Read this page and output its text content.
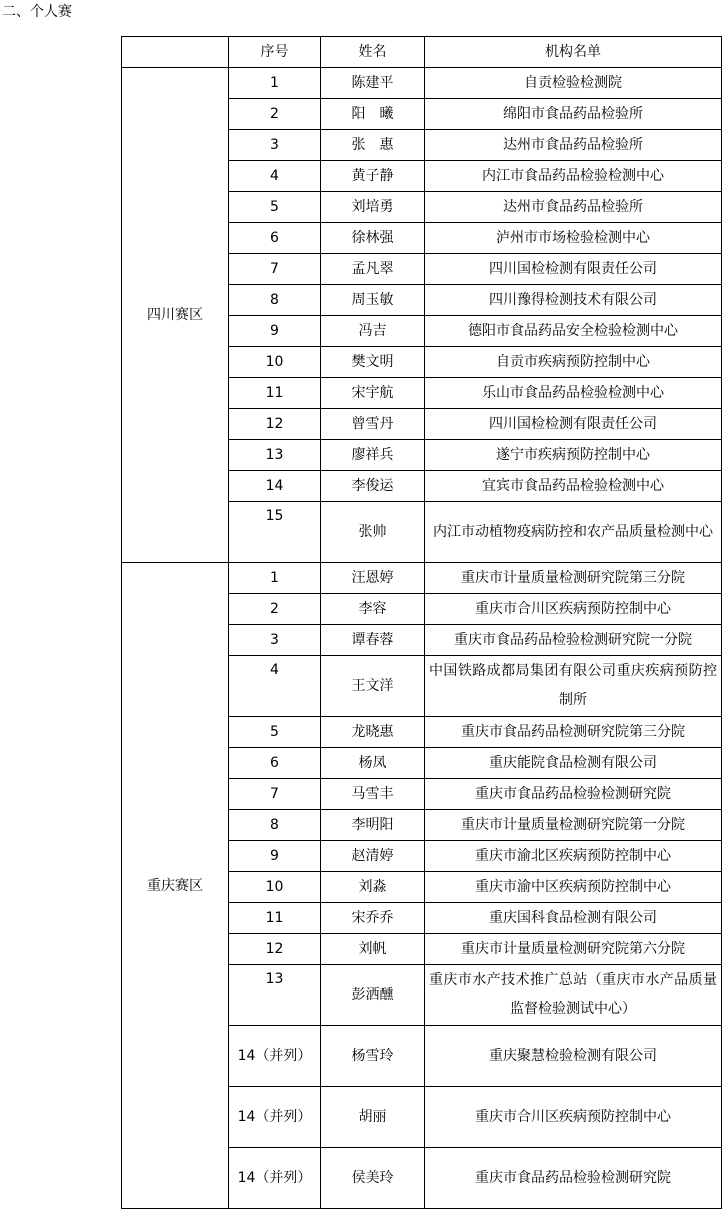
二、个人赛
	序号	姓名	机构名单
四川赛区	1	陈建平	自贡检验检测院
	2	阳　曦	绵阳市食品药品检验所
	3	张　惠	达州市食品药品检验所
	4	黄子静	内江市食品药品检验检测中心
	5	刘培勇	达州市食品药品检验所
	6	徐林强	泸州市市场检验检测中心
	7	孟凡翠	四川国检检测有限责任公司
	8	周玉敏	四川豫得检测技术有限公司
	9	冯吉	德阳市食品药品安全检验检测中心
	10	樊文明	自贡市疾病预防控制中心
	11	宋宇航	乐山市食品药品检验检测中心
	12	曾雪丹	四川国检检测有限责任公司
	13	廖祥兵	遂宁市疾病预防控制中心
	14	李俊运	宜宾市食品药品检验检测中心
	15	张帅	内江市动植物疫病防控和农产品质量检测中心
重庆赛区	1	汪恩婷	重庆市计量质量检测研究院第三分院
	2	李容	重庆市合川区疾病预防控制中心
	3	谭春蓉	重庆市食品药品检验检测研究院一分院
	4	王文洋	中国铁路成都局集团有限公司重庆疾病预防控制所
	5	龙晓惠	重庆市食品药品检测研究院第三分院
	6	杨凤	重庆能院食品检测有限公司
	7	马雪丰	重庆市食品药品检验检测研究院
	8	李明阳	重庆市计量质量检测研究院第一分院
	9	赵清婷	重庆市渝北区疾病预防控制中心
	10	刘淼	重庆市渝中区疾病预防控制中心
	11	宋乔乔	重庆国科食品检测有限公司
	12	刘帆	重庆市计量质量检测研究院第六分院
	13	彭洒醺	重庆市水产技术推广总站（重庆市水产品质量监督检验测试中心）
	14（并列）	杨雪玲	重庆聚慧检验检测有限公司
	14（并列）	胡丽	重庆市合川区疾病预防控制中心
	14（并列）	侯美玲	重庆市食品药品检验检测研究院
